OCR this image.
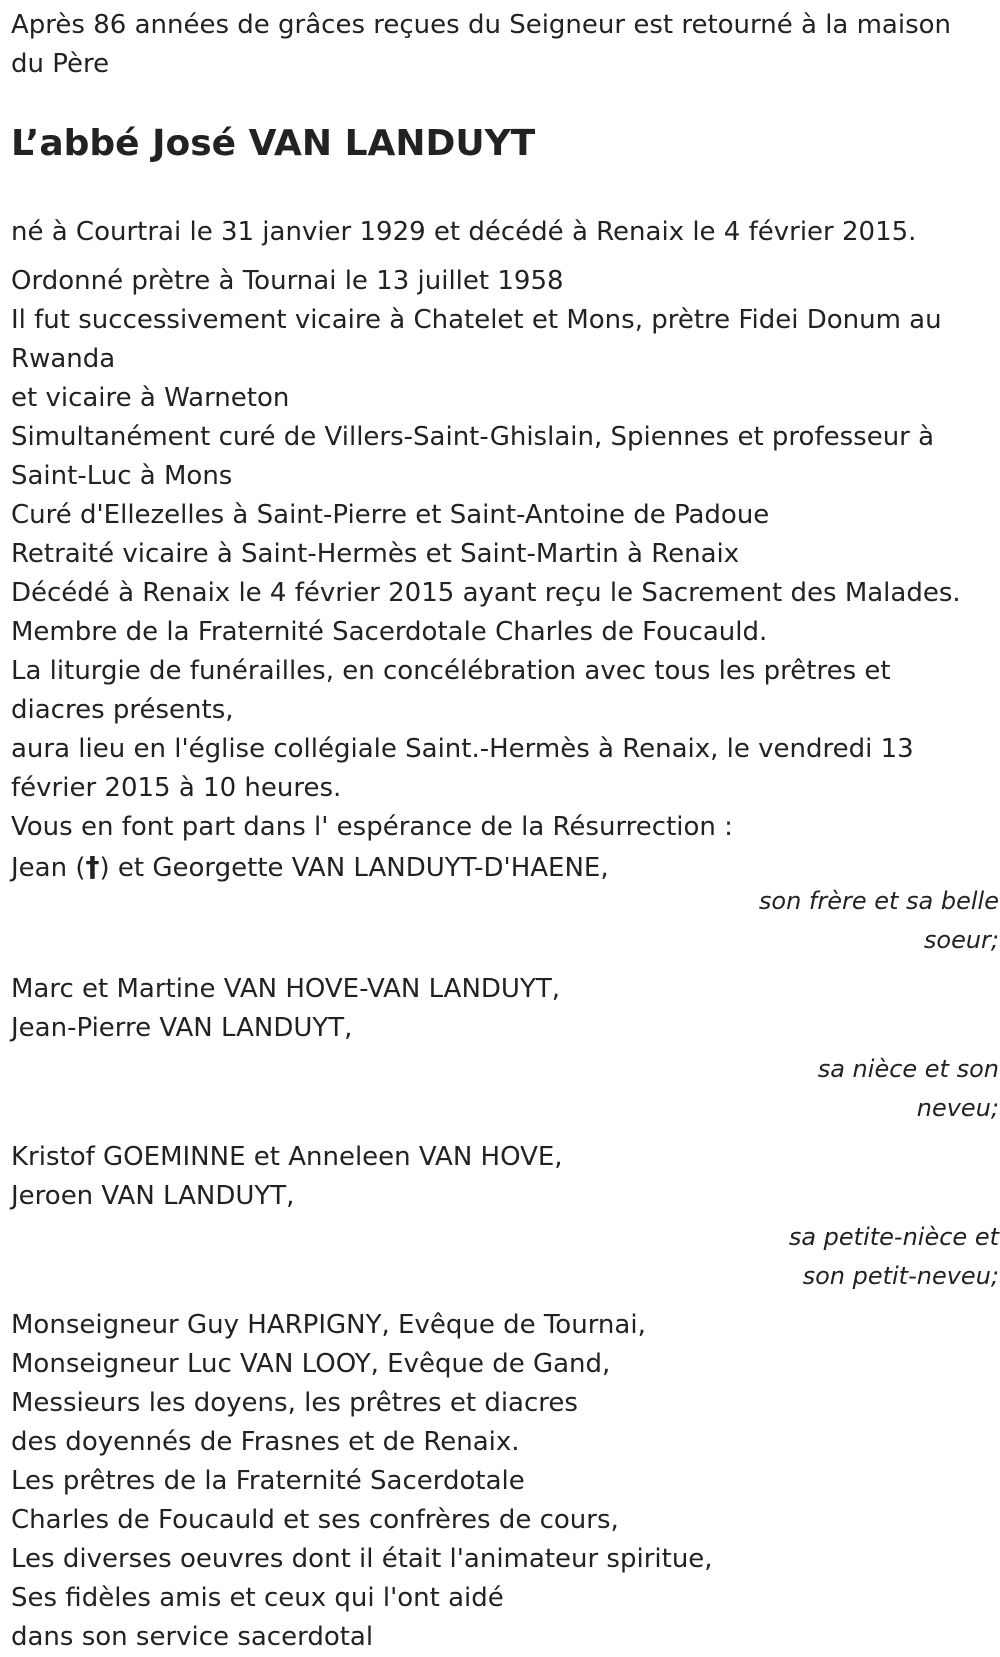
Après 86 années de grâces reçues du Seigneur est retourné à la maison du Père

L’abbé José VAN LANDUYT

né à Courtrai le 31 janvier 1929 et décédé à Renaix le 4 février 2015.

Ordonné prètre à Tournai le 13 juillet 1958

Il fut successivement vicaire à Chatelet et Mons, prètre Fidei Donum au Rwanda

et vicaire à Warneton

Simultanément curé de Villers-Saint-Ghislain, Spiennes et professeur à Saint-Luc à Mons

Curé d'Ellezelles à Saint-Pierre et Saint-Antoine de Padoue

Retraité vicaire à Saint-Hermès et Saint-Martin à Renaix

Décédé à Renaix le 4 février 2015 ayant reçu le Sacrement des Malades.

Membre de la Fraternité Sacerdotale Charles de Foucauld.

La liturgie de funérailles, en concélébration avec tous les prêtres et diacres présents,

aura lieu en l'église collégiale Saint.-Hermès à Renaix, le vendredi 13 février 2015 à 10 heures.

Vous en font part dans l' espérance de la Résurrection :

Jean (†) et Georgette VAN LANDUYT-D'HAENE,

son frère et sa belle soeur;

Marc et Martine VAN HOVE-VAN LANDUYT,

Jean-Pierre VAN LANDUYT,

sa nièce et son neveu;

Kristof GOEMINNE et Anneleen VAN HOVE,

Jeroen VAN LANDUYT,

sa petite-nièce et son petit-neveu;

Monseigneur Guy HARPIGNY, Evêque de Tournai,

Monseigneur Luc VAN LOOY, Evêque de Gand,

Messieurs les doyens, les prêtres et diacres

des doyennés de Frasnes et de Renaix.

Les prêtres de la Fraternité Sacerdotale

Charles de Foucauld et ses confrères de cours,

Les diverses oeuvres dont il était l'animateur spiritue,

Ses fidèles amis et ceux qui l'ont aidé

dans son service sacerdotal
